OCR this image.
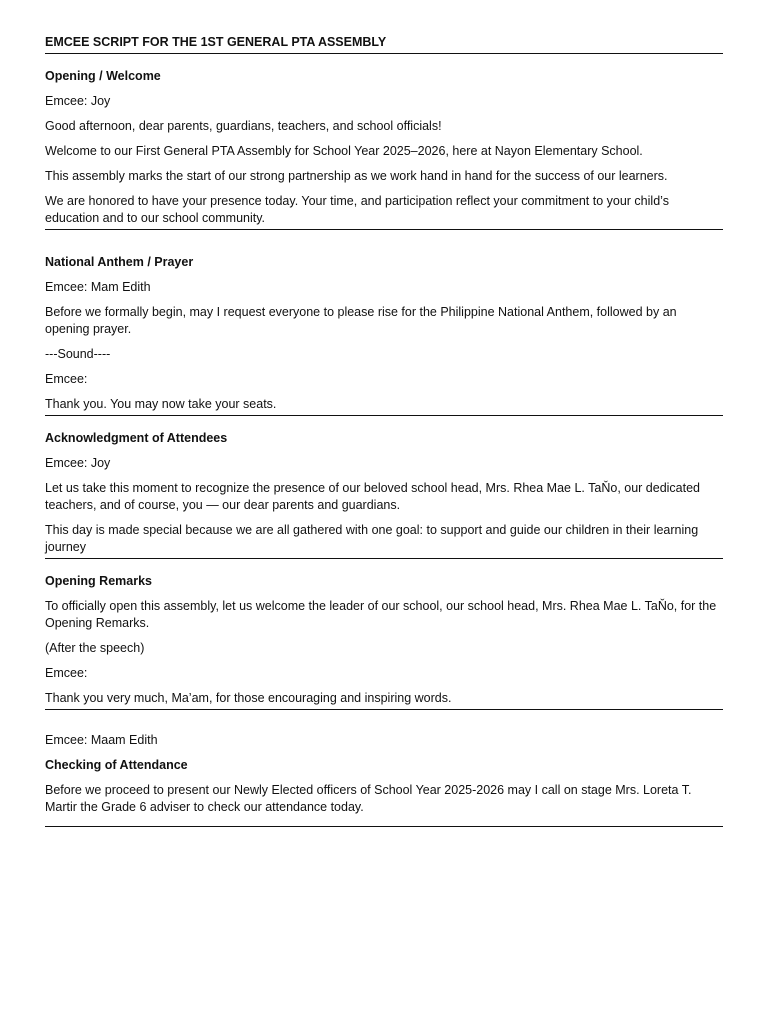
EMCEE SCRIPT FOR THE 1ST GENERAL PTA ASSEMBLY

Opening / Welcome

Emcee: Joy

Good afternoon, dear parents, guardians, teachers, and school officials!

Welcome to our First General PTA Assembly for School Year 2025–2026, here at Nayon Elementary School.

This assembly marks the start of our strong partnership as we work hand in hand for the success of our learners.

We are honored to have your presence today. Your time, and participation reflect your commitment to your child’s education and to our school community.

National Anthem / Prayer

Emcee: Mam Edith

Before we formally begin, may I request everyone to please rise for the Philippine National Anthem, followed by an opening prayer.

---Sound----

Emcee:

Thank you. You may now take your seats.

Acknowledgment of Attendees

Emcee: Joy

Let us take this moment to recognize the presence of our beloved school head, Mrs. Rhea Mae L. TaŇo, our dedicated teachers, and of course, you — our dear parents and guardians.

This day is made special because we are all gathered with one goal: to support and guide our children in their learning journey

Opening Remarks

To officially open this assembly, let us welcome the leader of our school, our school head, Mrs. Rhea Mae L. TaŇo, for the Opening Remarks.

(After the speech)

Emcee:

Thank you very much, Ma’am, for those encouraging and inspiring words.

Emcee: Maam Edith

Checking of Attendance

Before we proceed to present our Newly Elected officers of School Year 2025-2026 may I call on stage Mrs. Loreta T. Martir the Grade 6 adviser to check our attendance today.
